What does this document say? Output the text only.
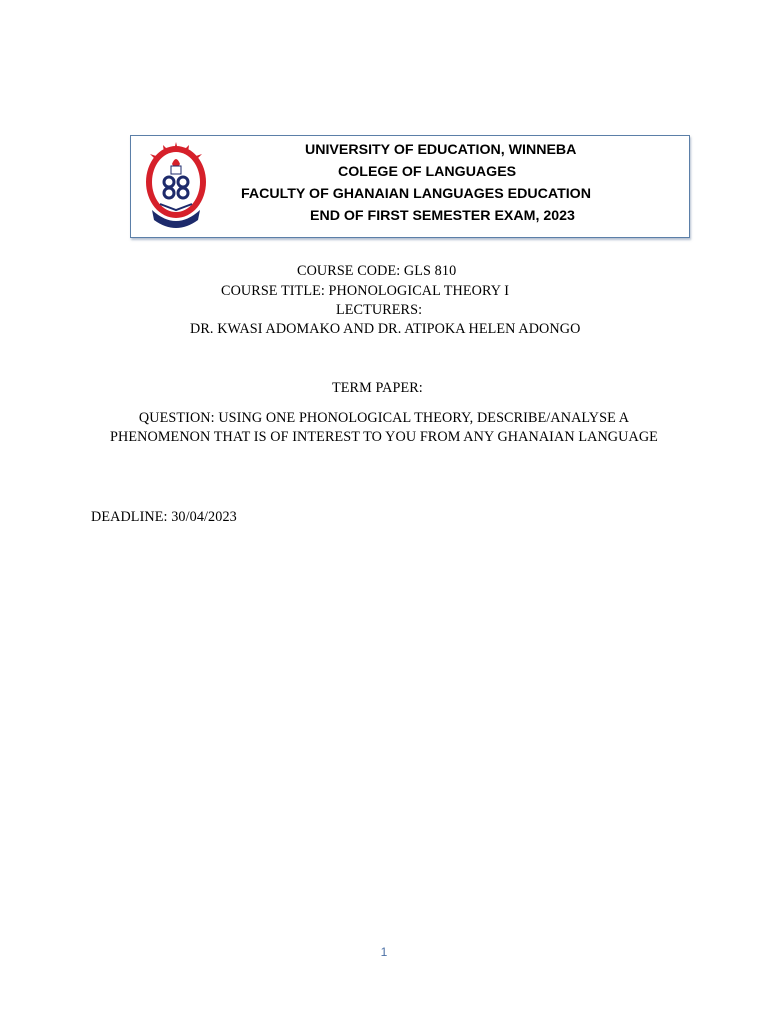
UNIVERSITY OF EDUCATION, WINNEBA
COLEGE OF LANGUAGES
FACULTY OF GHANAIAN LANGUAGES EDUCATION
END OF FIRST SEMESTER EXAM, 2023
COURSE CODE: GLS 810
COURSE TITLE: PHONOLOGICAL THEORY I
LECTURERS:
DR. KWASI ADOMAKO AND DR. ATIPOKA HELEN ADONGO
TERM PAPER:
QUESTION: USING ONE PHONOLOGICAL THEORY, DESCRIBE/ANALYSE A PHENOMENON THAT IS OF INTEREST TO YOU FROM ANY GHANAIAN LANGUAGE
DEADLINE: 30/04/2023
1
